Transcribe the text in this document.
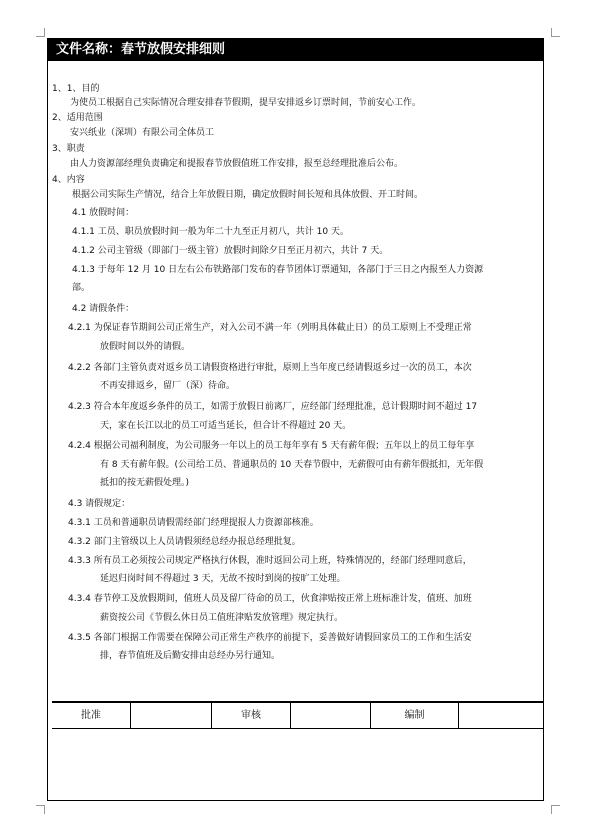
文件名称：春节放假安排细则
1、1、目的
为使员工根据自己实际情况合理安排春节假期，提早安排返乡订票时间，节前安心工作。
2、适用范围
安兴纸业（深圳）有限公司全体员工
3、职责
由人力资源部经理负责确定和提报春节放假值班工作安排，报至总经理批准后公布。
4、内容
根据公司实际生产情况，结合上年放假日期，确定放假时间长短和具体放假、开工时间。
4.1 放假时间：
4.1.1 工员、职员放假时间一般为年二十九至正月初八，共计 10 天。
4.1.2 公司主管级（即部门一级主管）放假时间除夕日至正月初六，共计 7 天。
4.1.3 于每年 12 月 10 日左右公布铁路部门发布的春节团体订票通知，各部门于三日之内报至人力资源
部。
4.2 请假条件：
4.2.1 为保证春节期间公司正常生产，对入公司不满一年（列明具体截止日）的员工原则上不受理正常
放假时间以外的请假。
4.2.2 各部门主管负责对返乡员工请假资格进行审批，原则上当年度已经请假返乡过一次的员工，本次
不再安排返乡，留厂（深）待命。
4.2.3 符合本年度返乡条件的员工，如需于放假日前离厂，应经部门经理批准，总计假期时间不超过 17
天，家在长江以北的员工可适当延长，但合计不得超过 20 天。
4.2.4 根据公司福利制度，为公司服务一年以上的员工每年享有 5 天有薪年假；五年以上的员工每年享
有 8 天有薪年假。(公司给工员、普通职员的 10 天春节假中，无薪假可由有薪年假抵扣，无年假
抵扣的按无薪假处理。)
4.3 请假规定：
4.3.1 工员和普通职员请假需经部门经理提报人力资源部核准。
4.3.2 部门主管级以上人员请假须经总经办报总经理批复。
4.3.3 所有员工必须按公司规定严格执行休假，准时返回公司上班，特殊情况的，经部门经理同意后，
延迟归岗时间不得超过 3 天，无故不按时到岗的按旷工处理。
4.3.4 春节停工及放假期间，值班人员及留厂待命的员工，伙食津贴按正常上班标准计发，值班、加班
薪资按公司《节假么休日员工值班津贴发放管理》规定执行。
4.3.5 各部门根据工作需要在保障公司正常生产秩序的前提下，妥善做好请假回家员工的工作和生活安
排，春节值班及后勤安排由总经办另行通知。
批准	审核	编制
